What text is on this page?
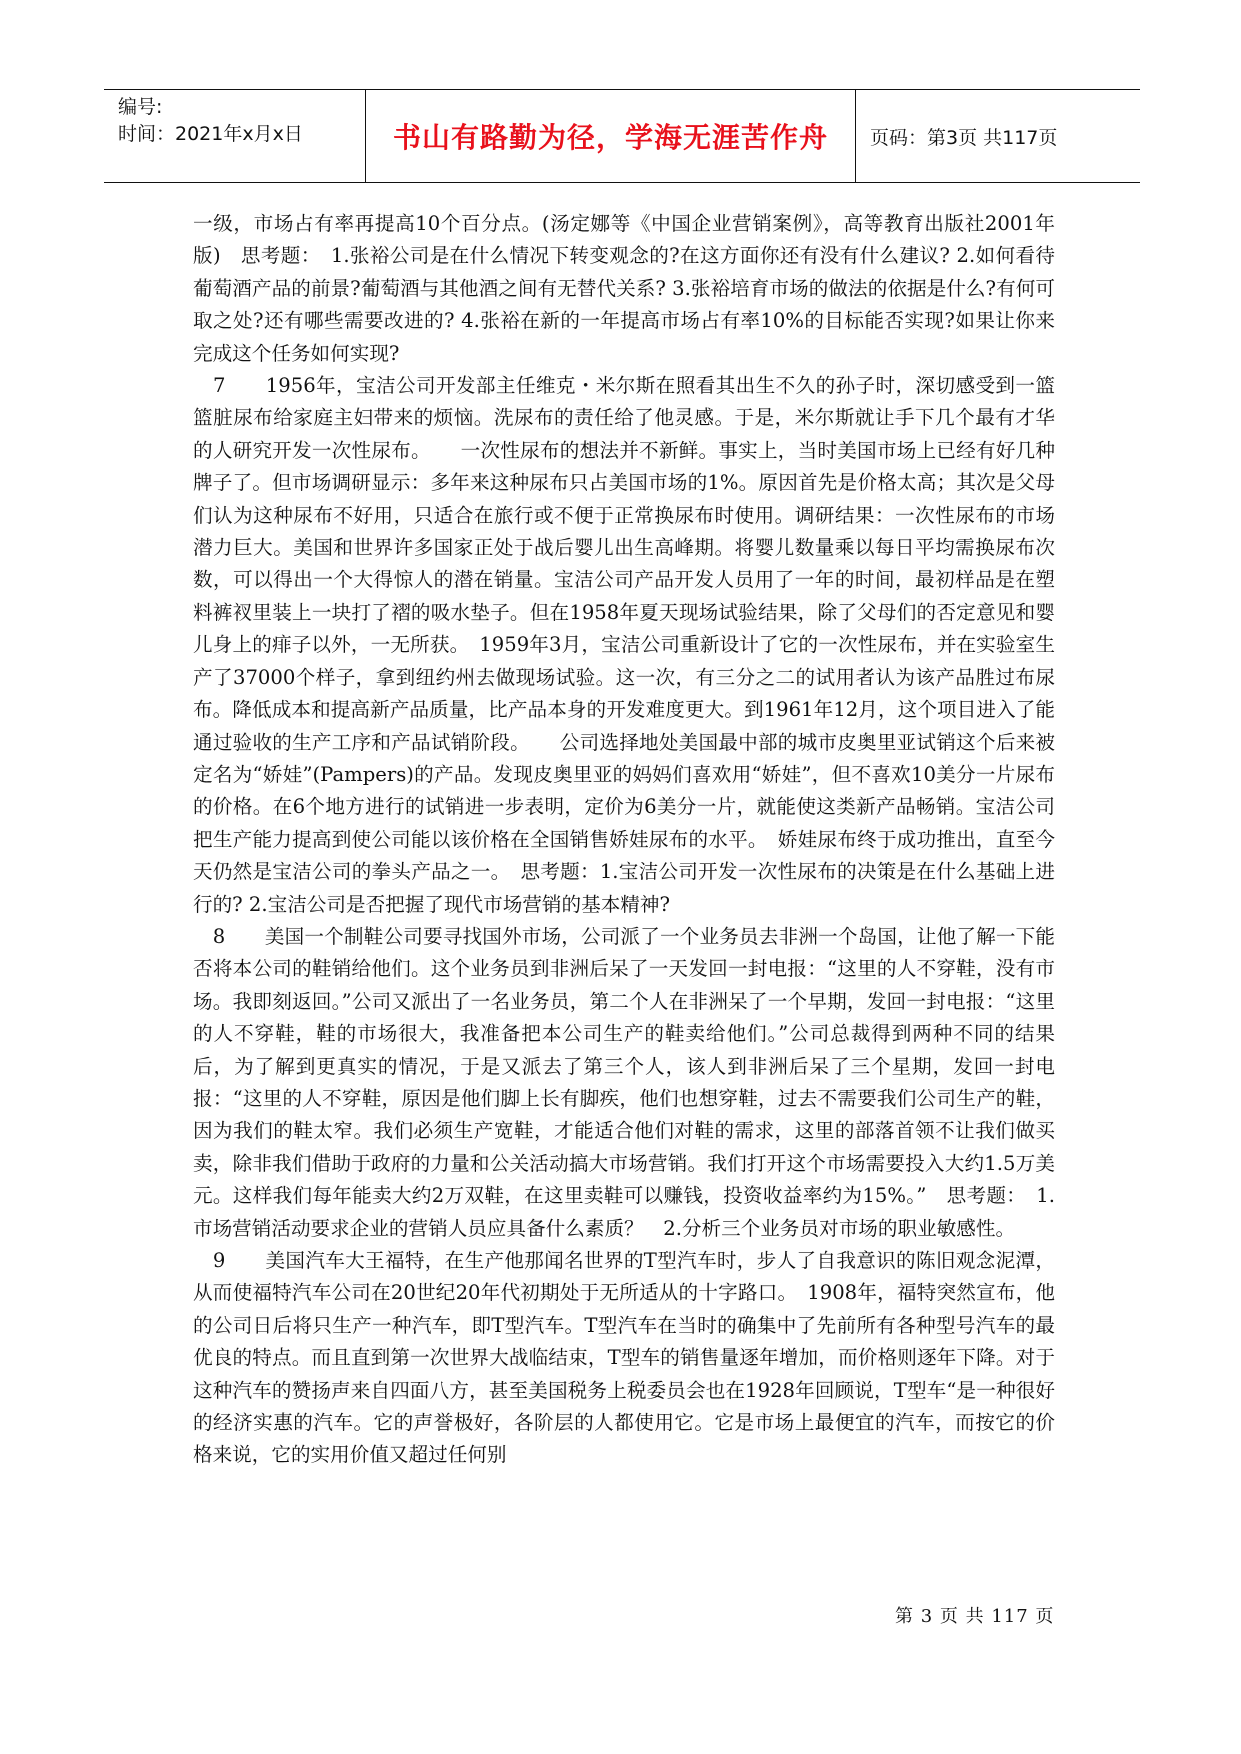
编号:
时间：2021年x月x日	书山有路勤为径，学海无涯苦作舟	页码：第3页 共117页

一级，市场占有率再提高10个百分点。(汤定娜等《中国企业营销案例》，高等教育出版社2001年版)　思考题：　1.张裕公司是在什么情况下转变观念的?在这方面你还有没有什么建议? 2.如何看待葡萄酒产品的前景?葡萄酒与其他酒之间有无替代关系? 3.张裕培育市场的做法的依据是什么?有何可取之处?还有哪些需要改进的? 4.张裕在新的一年提高市场占有率10%的目标能否实现?如果让你来完成这个任务如何实现?

　7　　1956年，宝洁公司开发部主任维克・米尔斯在照看其出生不久的孙子时，深切感受到一篮篮脏尿布给家庭主妇带来的烦恼。洗尿布的责任给了他灵感。于是，米尔斯就让手下几个最有才华的人研究开发一次性尿布。　　一次性尿布的想法并不新鲜。事实上，当时美国市场上已经有好几种牌子了。但市场调研显示：多年来这种尿布只占美国市场的1%。原因首先是价格太高；其次是父母们认为这种尿布不好用，只适合在旅行或不便于正常换尿布时使用。调研结果：一次性尿布的市场潜力巨大。美国和世界许多国家正处于战后婴儿出生高峰期。将婴儿数量乘以每日平均需换尿布次数，可以得出一个大得惊人的潜在销量。宝洁公司产品开发人员用了一年的时间，最初样品是在塑料裤衩里装上一块打了褶的吸水垫子。但在1958年夏天现场试验结果，除了父母们的否定意见和婴儿身上的痱子以外，一无所获。　1959年3月，宝洁公司重新设计了它的一次性尿布，并在实验室生产了37000个样子，拿到纽约州去做现场试验。这一次，有三分之二的试用者认为该产品胜过布尿布。降低成本和提高新产品质量，比产品本身的开发难度更大。到1961年12月，这个项目进入了能通过验收的生产工序和产品试销阶段。　　公司选择地处美国最中部的城市皮奥里亚试销这个后来被定名为“娇娃”(Pampers)的产品。发现皮奥里亚的妈妈们喜欢用“娇娃”，但不喜欢10美分一片尿布的价格。在6个地方进行的试销进一步表明，定价为6美分一片，就能使这类新产品畅销。宝洁公司把生产能力提高到使公司能以该价格在全国销售娇娃尿布的水平。　娇娃尿布终于成功推出，直至今天仍然是宝洁公司的拳头产品之一。　思考题：1.宝洁公司开发一次性尿布的决策是在什么基础上进行的? 2.宝洁公司是否把握了现代市场营销的基本精神?

　8　　美国一个制鞋公司要寻找国外市场，公司派了一个业务员去非洲一个岛国，让他了解一下能否将本公司的鞋销给他们。这个业务员到非洲后呆了一天发回一封电报：“这里的人不穿鞋，没有市场。我即刻返回。”公司又派出了一名业务员，第二个人在非洲呆了一个早期，发回一封电报：“这里的人不穿鞋，鞋的市场很大，我准备把本公司生产的鞋卖给他们。”公司总裁得到两种不同的结果后，为了解到更真实的情况，于是又派去了第三个人，该人到非洲后呆了三个星期，发回一封电报：“这里的人不穿鞋，原因是他们脚上长有脚疾，他们也想穿鞋，过去不需要我们公司生产的鞋，因为我们的鞋太窄。我们必须生产宽鞋，才能适合他们对鞋的需求，这里的部落首领不让我们做买卖，除非我们借助于政府的力量和公关活动搞大市场营销。我们打开这个市场需要投入大约1.5万美元。这样我们每年能卖大约2万双鞋，在这里卖鞋可以赚钱，投资收益率约为15%。”　思考题：　1.市场营销活动要求企业的营销人员应具备什么素质？　2.分析三个业务员对市场的职业敏感性。

　9　　美国汽车大王福特，在生产他那闻名世界的T型汽车时，步人了自我意识的陈旧观念泥潭，从而使福特汽车公司在20世纪20年代初期处于无所适从的十字路口。　1908年，福特突然宣布，他的公司日后将只生产一种汽车，即T型汽车。T型汽车在当时的确集中了先前所有各种型号汽车的最优良的特点。而且直到第一次世界大战临结束，T型车的销售量逐年增加，而价格则逐年下降。对于这种汽车的赞扬声来自四面八方，甚至美国税务上税委员会也在1928年回顾说，T型车“是一种很好的经济实惠的汽车。它的声誉极好，各阶层的人都使用它。它是市场上最便宜的汽车，而按它的价格来说，它的实用价值又超过任何别

第 3 页 共 117 页
